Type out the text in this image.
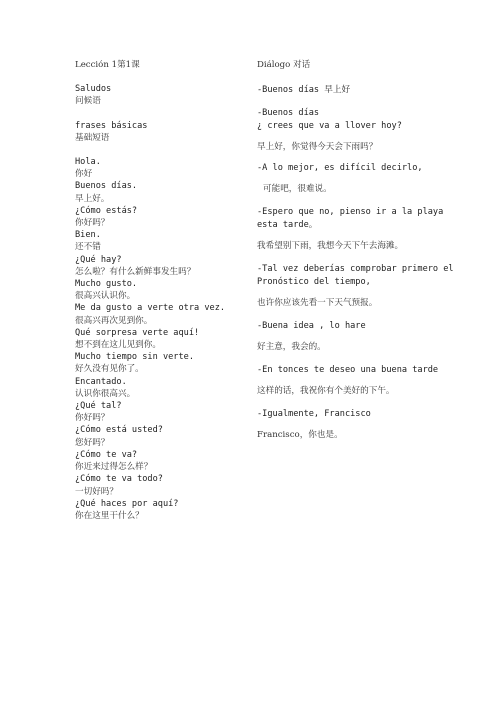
Lección 1第1课
Saludos
问候语
frases básicas
基础短语
Hola.
你好
Buenos días.
早上好。
¿Cómo estás?
你好吗？
Bien.
还不错
¿Qué hay?
怎么啦？有什么新鲜事发生吗？
Mucho gusto.
很高兴认识你。
Me da gusto a verte otra vez.
很高兴再次见到你。
Qué sorpresa verte aquí!
想不到在这儿见到你。
Mucho tiempo sin verte.
好久没有见你了。
Encantado.
认识你很高兴。
¿Qué tal?
你好吗？
¿Cómo está usted?
您好吗？
¿Cómo te va?
你近来过得怎么样？
¿Cómo te va todo?
一切好吗？
¿Qué haces por aquí?
你在这里干什么？
Diálogo 对话
-Buenos días 早上好
-Buenos días
¿ crees que va a llover hoy?
早上好，你觉得今天会下雨吗？
-A lo mejor, es difícil decirlo,
可能吧，很难说。
-Espero que no, pienso ir a la playa esta tarde。
我希望别下雨，我想今天下午去海滩。
-Tal vez deberías comprobar primero el Pronóstico del tiempo,
也许你应该先看一下天气预报。
-Buena idea , lo hare
好主意，我会的。
-En tonces te deseo una buena tarde
这样的话，我祝你有个美好的下午。
-Igualmente, Francisco
Francisco，你也是。
